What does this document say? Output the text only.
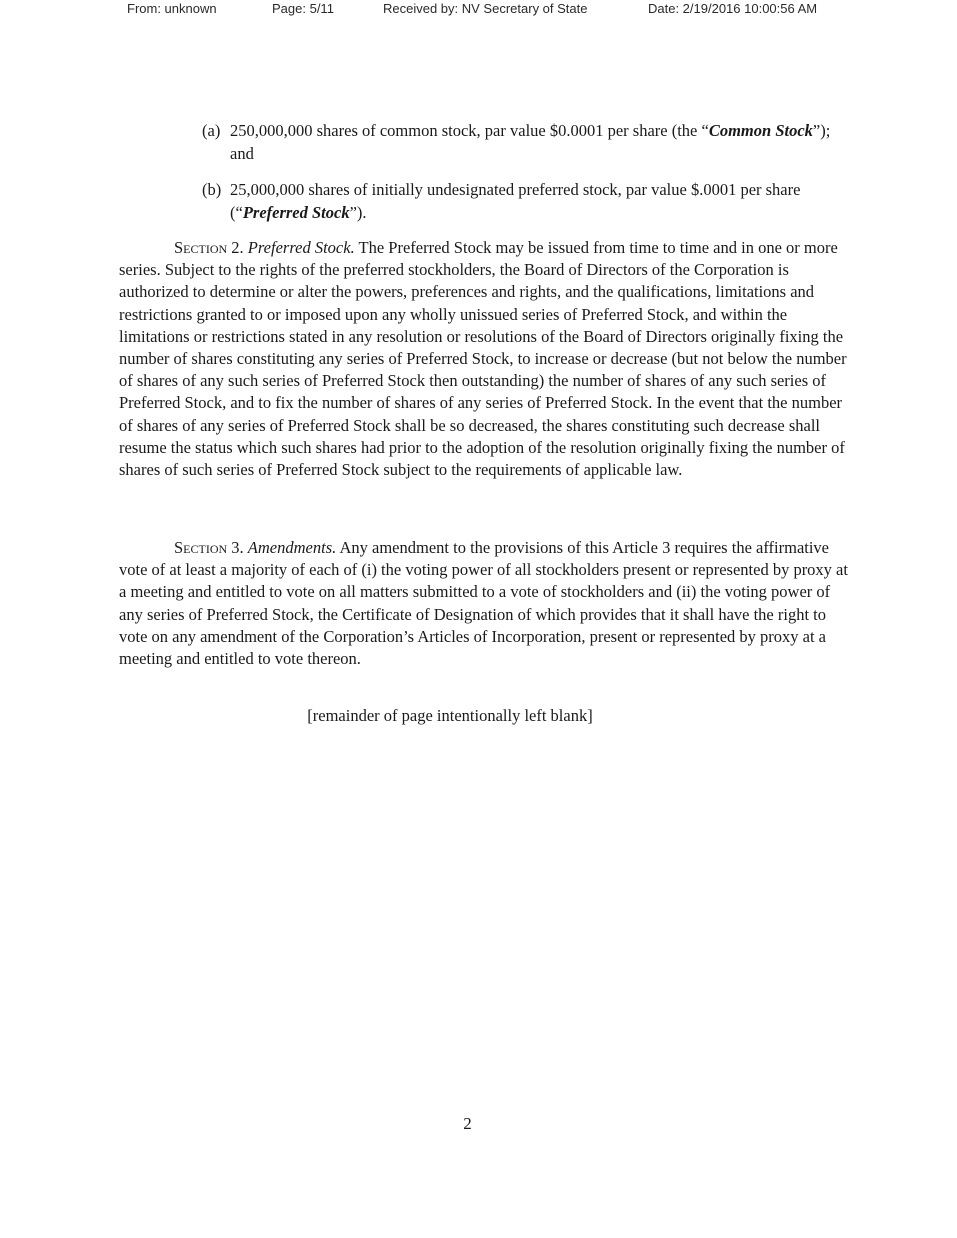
From: unknown	Page: 5/11	Received by: NV Secretary of State	Date: 2/19/2016 10:00:56 AM
(a) 250,000,000 shares of common stock, par value $0.0001 per share (the “Common Stock”); and
(b) 25,000,000 shares of initially undesignated preferred stock, par value $.0001 per share (“Preferred Stock”).

Section 2. Preferred Stock. The Preferred Stock may be issued from time to time and in one or more series. Subject to the rights of the preferred stockholders, the Board of Directors of the Corporation is authorized to determine or alter the powers, preferences and rights, and the qualifications, limitations and restrictions granted to or imposed upon any wholly unissued series of Preferred Stock, and within the limitations or restrictions stated in any resolution or resolutions of the Board of Directors originally fixing the number of shares constituting any series of Preferred Stock, to increase or decrease (but not below the number of shares of any such series of Preferred Stock then outstanding) the number of shares of any such series of Preferred Stock, and to fix the number of shares of any series of Preferred Stock. In the event that the number of shares of any series of Preferred Stock shall be so decreased, the shares constituting such decrease shall resume the status which such shares had prior to the adoption of the resolution originally fixing the number of shares of such series of Preferred Stock subject to the requirements of applicable law.

Section 3. Amendments. Any amendment to the provisions of this Article 3 requires the affirmative vote of at least a majority of each of (i) the voting power of all stockholders present or represented by proxy at a meeting and entitled to vote on all matters submitted to a vote of stockholders and (ii) the voting power of any series of Preferred Stock, the Certificate of Designation of which provides that it shall have the right to vote on any amendment of the Corporation’s Articles of Incorporation, present or represented by proxy at a meeting and entitled to vote thereon.

[remainder of page intentionally left blank]
2
